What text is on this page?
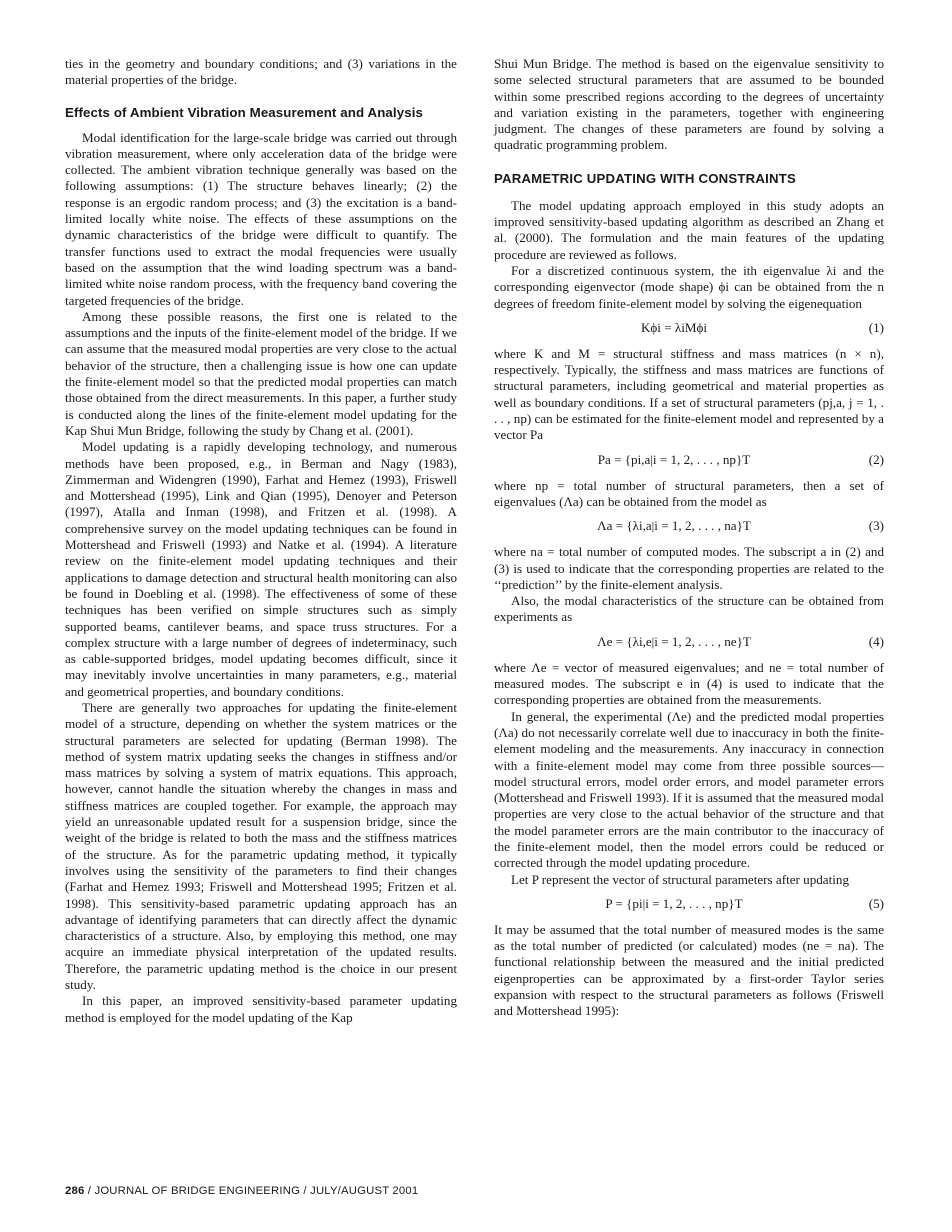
ties in the geometry and boundary conditions; and (3) variations in the material properties of the bridge.

Effects of Ambient Vibration Measurement and Analysis

Modal identification for the large-scale bridge was carried out through vibration measurement, where only acceleration data of the bridge were collected. The ambient vibration technique generally was based on the following assumptions: (1) The structure behaves linearly; (2) the response is an ergodic random process; and (3) the excitation is a band-limited locally white noise. The effects of these assumptions on the dynamic characteristics of the bridge were difficult to quantify. The transfer functions used to extract the modal frequencies were usually based on the assumption that the wind loading spectrum was a band-limited white noise random process, with the frequency band covering the targeted frequencies of the bridge.

Among these possible reasons, the first one is related to the assumptions and the inputs of the finite-element model of the bridge. If we can assume that the measured modal properties are very close to the actual behavior of the structure, then a challenging issue is how one can update the finite-element model so that the predicted modal properties can match those obtained from the direct measurements. In this paper, a further study is conducted along the lines of the finite-element model updating for the Kap Shui Mun Bridge, following the study by Chang et al. (2001).

Model updating is a rapidly developing technology, and numerous methods have been proposed, e.g., in Berman and Nagy (1983), Zimmerman and Widengren (1990), Farhat and Hemez (1993), Friswell and Mottershead (1995), Link and Qian (1995), Denoyer and Peterson (1997), Atalla and Inman (1998), and Fritzen et al. (1998). A comprehensive survey on the model updating techniques can be found in Mottershead and Friswell (1993) and Natke et al. (1994). A literature review on the finite-element model updating techniques and their applications to damage detection and structural health monitoring can also be found in Doebling et al. (1998). The effectiveness of some of these techniques has been verified on simple structures such as simply supported beams, cantilever beams, and space truss structures. For a complex structure with a large number of degrees of indeterminacy, such as cable-supported bridges, model updating becomes difficult, since it may inevitably involve uncertainties in many parameters, e.g., material and geometrical properties, and boundary conditions.

There are generally two approaches for updating the finite-element model of a structure, depending on whether the system matrices or the structural parameters are selected for updating (Berman 1998). The method of system matrix updating seeks the changes in stiffness and/or mass matrices by solving a system of matrix equations. This approach, however, cannot handle the situation whereby the changes in mass and stiffness matrices are coupled together. For example, the approach may yield an unreasonable updated result for a suspension bridge, since the weight of the bridge is related to both the mass and the stiffness matrices of the structure. As for the parametric updating method, it typically involves using the sensitivity of the parameters to find their changes (Farhat and Hemez 1993; Friswell and Mottershead 1995; Fritzen et al. 1998). This sensitivity-based parametric updating approach has an advantage of identifying parameters that can directly affect the dynamic characteristics of a structure. Also, by employing this method, one may acquire an immediate physical interpretation of the updated results. Therefore, the parametric updating method is the choice in our present study.

In this paper, an improved sensitivity-based parameter updating method is employed for the model updating of the Kap

Shui Mun Bridge. The method is based on the eigenvalue sensitivity to some selected structural parameters that are assumed to be bounded within some prescribed regions according to the degrees of uncertainty and variation existing in the parameters, together with engineering judgment. The changes of these parameters are found by solving a quadratic programming problem.

PARAMETRIC UPDATING WITH CONSTRAINTS

The model updating approach employed in this study adopts an improved sensitivity-based updating algorithm as described an Zhang et al. (2000). The formulation and the main features of the updating procedure are reviewed as follows.

For a discretized continuous system, the ith eigenvalue λi and the corresponding eigenvector (mode shape) ϕi can be obtained from the n degrees of freedom finite-element model by solving the eigenequation

Kϕi = λiMϕi	(1)

where K and M = structural stiffness and mass matrices (n × n), respectively. Typically, the stiffness and mass matrices are functions of structural parameters, including geometrical and material properties as well as boundary conditions. If a set of structural parameters (pj,a, j = 1, . . . , np) can be estimated for the finite-element model and represented by a vector Pa

Pa = {pi,a|i = 1, 2, . . . , np}T	(2)

where np = total number of structural parameters, then a set of eigenvalues (Λa) can be obtained from the model as

Λa = {λi,a|i = 1, 2, . . . , na}T	(3)

where na = total number of computed modes. The subscript a in (2) and (3) is used to indicate that the corresponding properties are related to the ‘‘prediction’’ by the finite-element analysis.

Also, the modal characteristics of the structure can be obtained from experiments as

Λe = {λi,e|i = 1, 2, . . . , ne}T	(4)

where Λe = vector of measured eigenvalues; and ne = total number of measured modes. The subscript e in (4) is used to indicate that the corresponding properties are obtained from the measurements.

In general, the experimental (Λe) and the predicted modal properties (Λa) do not necessarily correlate well due to inaccuracy in both the finite-element modeling and the measurements. Any inaccuracy in connection with a finite-element model may come from three possible sources—model structural errors, model order errors, and model parameter errors (Mottershead and Friswell 1993). If it is assumed that the measured modal properties are very close to the actual behavior of the structure and that the model parameter errors are the main contributor to the inaccuracy of the finite-element model, then the model errors could be reduced or corrected through the model updating procedure.

Let P represent the vector of structural parameters after updating

P = {pi|i = 1, 2, . . . , np}T	(5)

It may be assumed that the total number of measured modes is the same as the total number of predicted (or calculated) modes (ne = na). The functional relationship between the measured and the initial predicted eigenproperties can be approximated by a first-order Taylor series expansion with respect to the structural parameters as follows (Friswell and Mottershead 1995):

286 / JOURNAL OF BRIDGE ENGINEERING / JULY/AUGUST 2001
